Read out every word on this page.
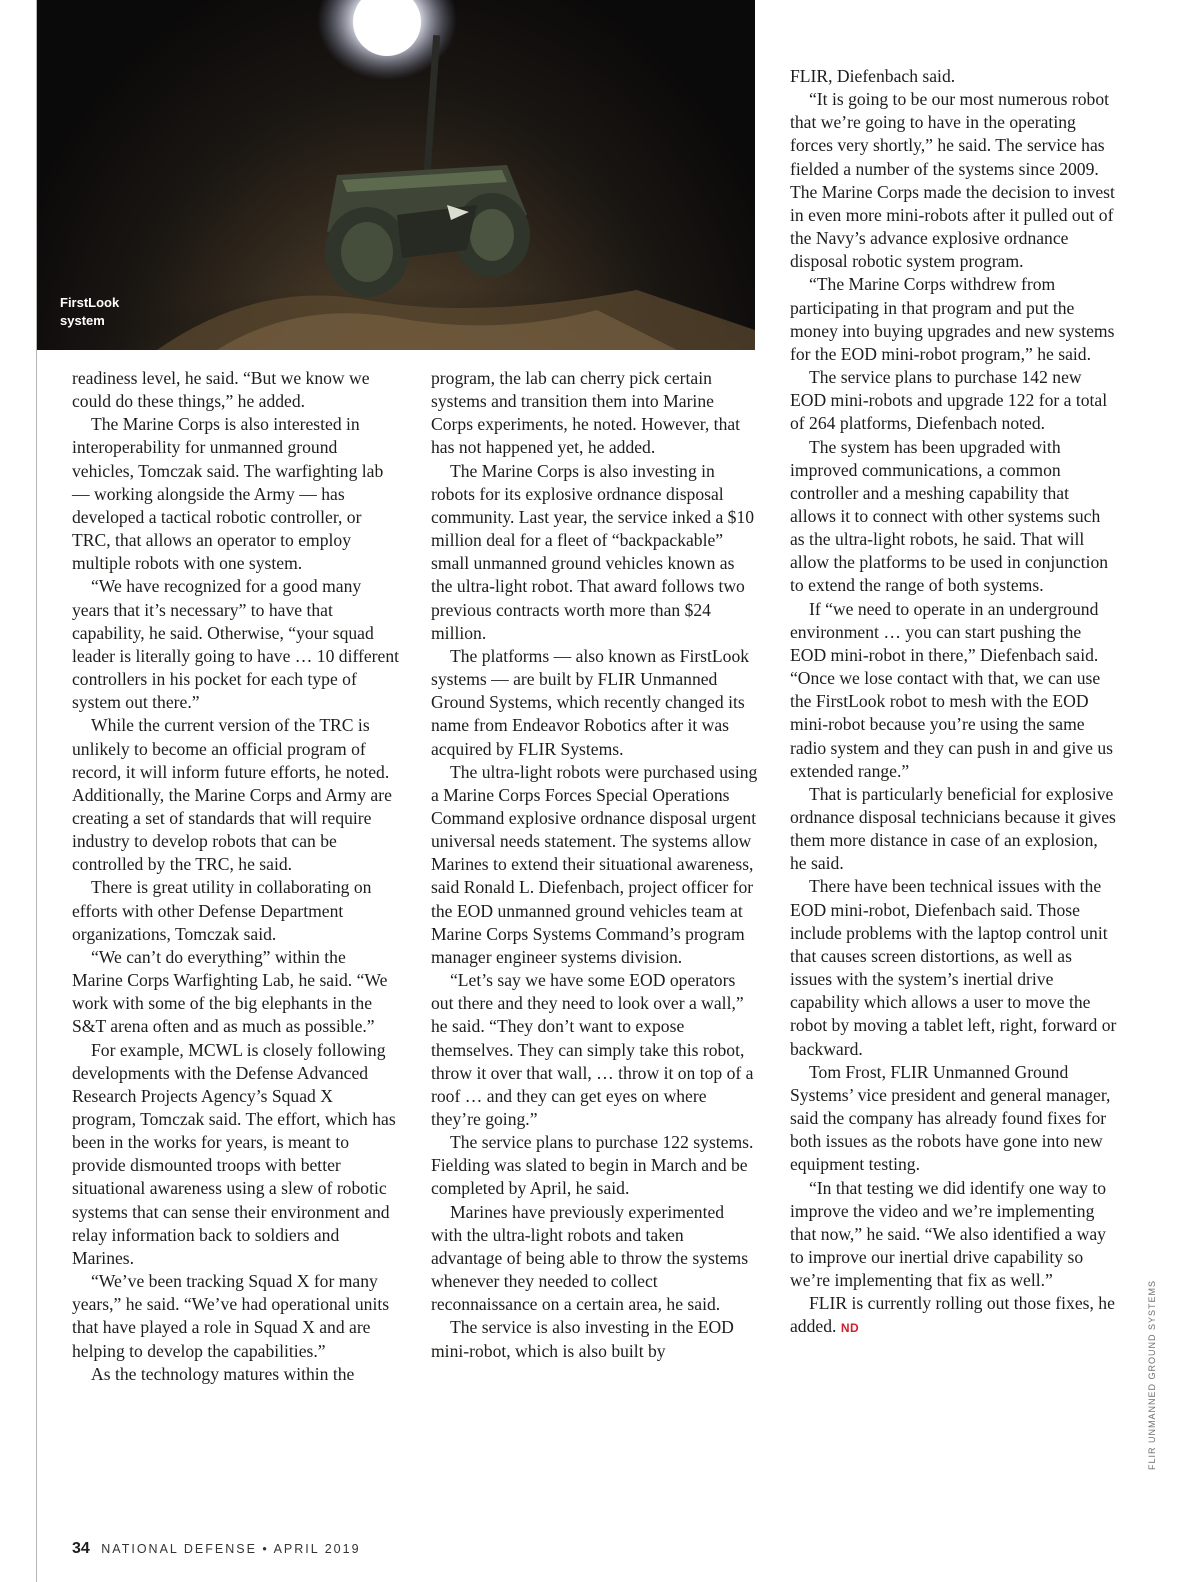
FirstLook
system

readiness level, he said. “But we know we could do these things,” he added.

The Marine Corps is also interested in interoperability for unmanned ground vehicles, Tomczak said. The warfighting lab — working alongside the Army — has developed a tactical robotic controller, or TRC, that allows an operator to employ multiple robots with one system.

“We have recognized for a good many years that it’s necessary” to have that capability, he said. Otherwise, “your squad leader is literally going to have … 10 different controllers in his pocket for each type of system out there.”

While the current version of the TRC is unlikely to become an official program of record, it will inform future efforts, he noted. Additionally, the Marine Corps and Army are creating a set of standards that will require industry to develop robots that can be controlled by the TRC, he said.

There is great utility in collaborating on efforts with other Defense Department organizations, Tomczak said.

“We can’t do everything” within the Marine Corps Warfighting Lab, he said. “We work with some of the big elephants in the S&T arena often and as much as possible.”

For example, MCWL is closely following developments with the Defense Advanced Research Projects Agency’s Squad X program, Tomczak said. The effort, which has been in the works for years, is meant to provide dismounted troops with better situational awareness using a slew of robotic systems that can sense their environment and relay information back to soldiers and Marines.

“We’ve been tracking Squad X for many years,” he said. “We’ve had operational units that have played a role in Squad X and are helping to develop the capabilities.”

As the technology matures within the

program, the lab can cherry pick certain systems and transition them into Marine Corps experiments, he noted. However, that has not happened yet, he added.

The Marine Corps is also investing in robots for its explosive ordnance disposal community. Last year, the service inked a $10 million deal for a fleet of “backpackable” small unmanned ground vehicles known as the ultra-light robot. That award follows two previous contracts worth more than $24 million.

The platforms — also known as FirstLook systems — are built by FLIR Unmanned Ground Systems, which recently changed its name from Endeavor Robotics after it was acquired by FLIR Systems.

The ultra-light robots were purchased using a Marine Corps Forces Special Operations Command explosive ordnance disposal urgent universal needs statement. The systems allow Marines to extend their situational awareness, said Ronald L. Diefenbach, project officer for the EOD unmanned ground vehicles team at Marine Corps Systems Command’s program manager engineer systems division.

“Let’s say we have some EOD operators out there and they need to look over a wall,” he said. “They don’t want to expose themselves. They can simply take this robot, throw it over that wall, … throw it on top of a roof … and they can get eyes on where they’re going.”

The service plans to purchase 122 systems. Fielding was slated to begin in March and be completed by April, he said.

Marines have previously experimented with the ultra-light robots and taken advantage of being able to throw the systems whenever they needed to collect reconnaissance on a certain area, he said.

The service is also investing in the EOD mini-robot, which is also built by

FLIR, Diefenbach said.

“It is going to be our most numerous robot that we’re going to have in the operating forces very shortly,” he said. The service has fielded a number of the systems since 2009. The Marine Corps made the decision to invest in even more mini-robots after it pulled out of the Navy’s advance explosive ordnance disposal robotic system program.

“The Marine Corps withdrew from participating in that program and put the money into buying upgrades and new systems for the EOD mini-robot program,” he said.

The service plans to purchase 142 new EOD mini-robots and upgrade 122 for a total of 264 platforms, Diefenbach noted.

The system has been upgraded with improved communications, a common controller and a meshing capability that allows it to connect with other systems such as the ultra-light robots, he said. That will allow the platforms to be used in conjunction to extend the range of both systems.

If “we need to operate in an underground environment … you can start pushing the EOD mini-robot in there,” Diefenbach said. “Once we lose contact with that, we can use the FirstLook robot to mesh with the EOD mini-robot because you’re using the same radio system and they can push in and give us extended range.”

That is particularly beneficial for explosive ordnance disposal technicians because it gives them more distance in case of an explosion, he said.

There have been technical issues with the EOD mini-robot, Diefenbach said. Those include problems with the laptop control unit that causes screen distortions, as well as issues with the system’s inertial drive capability which allows a user to move the robot by moving a tablet left, right, forward or backward.

Tom Frost, FLIR Unmanned Ground Systems’ vice president and general manager, said the company has already found fixes for both issues as the robots have gone into new equipment testing.

“In that testing we did identify one way to improve the video and we’re implementing that now,” he said. “We also identified a way to improve our inertial drive capability so we’re implementing that fix as well.”

FLIR is currently rolling out those fixes, he added. ND	FLIR UNMANNED GROUND SYSTEMS
34 NATIONAL DEFENSE • APRIL 2019
